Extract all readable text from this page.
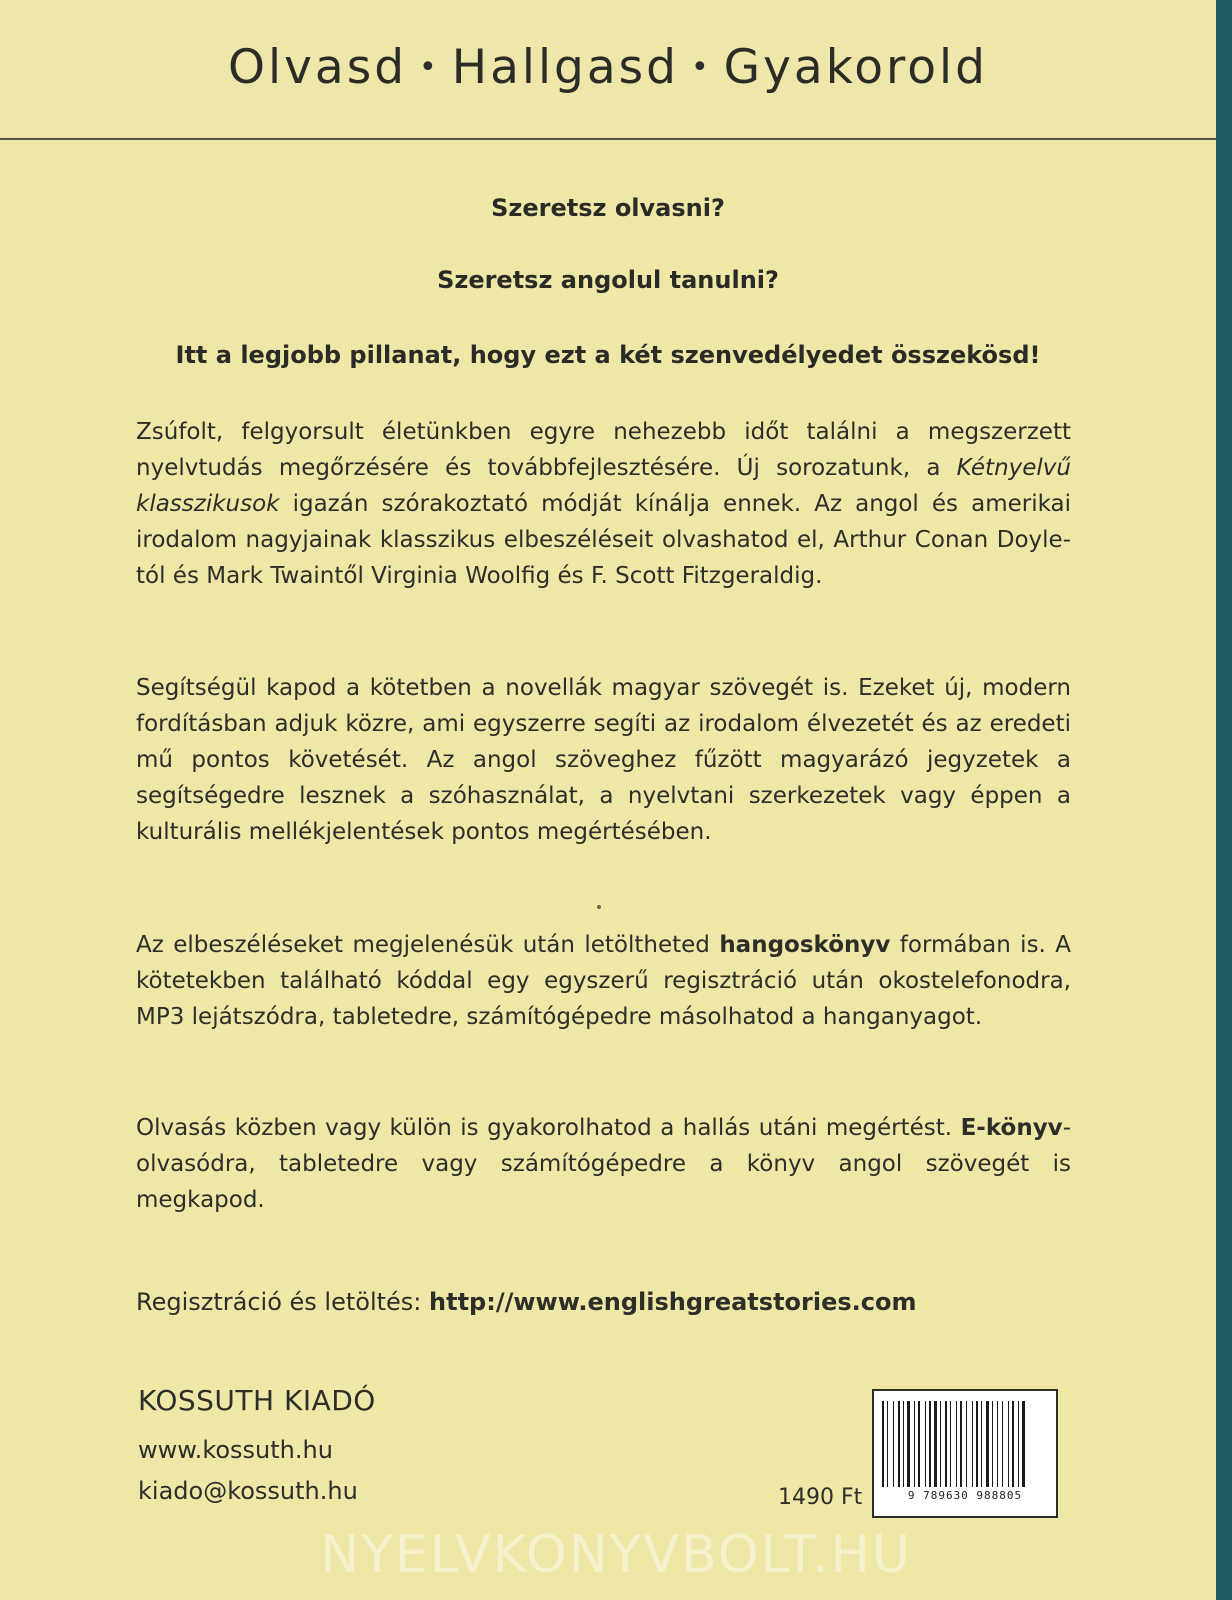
Olvasd • Hallgasd • Gyakorold
Szeretsz olvasni?
Szeretsz angolul tanulni?
Itt a legjobb pillanat, hogy ezt a két szenvedélyedet összekösd!
Zsúfolt, felgyorsult életünkben egyre nehezebb időt találni a megszerzett nyelvtudás megőrzésére és továbbfejlesztésére. Új sorozatunk, a Kétnyelvű klasszikusok igazán szórakoztató módját kínálja ennek. Az angol és amerikai irodalom nagyjainak klasszikus elbeszéléseit olvashatod el, Arthur Conan Doyle-tól és Mark Twaintől Virginia Woolfig és F. Scott Fitzgeraldig.
Segítségül kapod a kötetben a novellák magyar szövegét is. Ezeket új, modern fordításban adjuk közre, ami egyszerre segíti az irodalom élvezetét és az eredeti mű pontos követését. Az angol szöveghez fűzött magyarázó jegyzetek a segítségedre lesznek a szóhasználat, a nyelvtani szerkezetek vagy éppen a kulturális mellékjelentések pontos megértésében.
Az elbeszéléseket megjelenésük után letöltheted hangoskönyv formában is. A kötetekben található kóddal egy egyszerű regisztráció után okostelefonodra, MP3 lejátszódra, tabletedre, számítógépedre másolhatod a hanganyagot.
Olvasás közben vagy külön is gyakorolhatod a hallás utáni megértést. E-könyv-olvasódra, tabletedre vagy számítógépedre a könyv angol szövegét is megkapod.
Regisztráció és letöltés: http://www.englishgreatstories.com
KOSSUTH KIADÓ
www.kossuth.hu
kiado@kossuth.hu	1490 Ft	9 789630 988805
NYELVKONYVBOLT.HU
